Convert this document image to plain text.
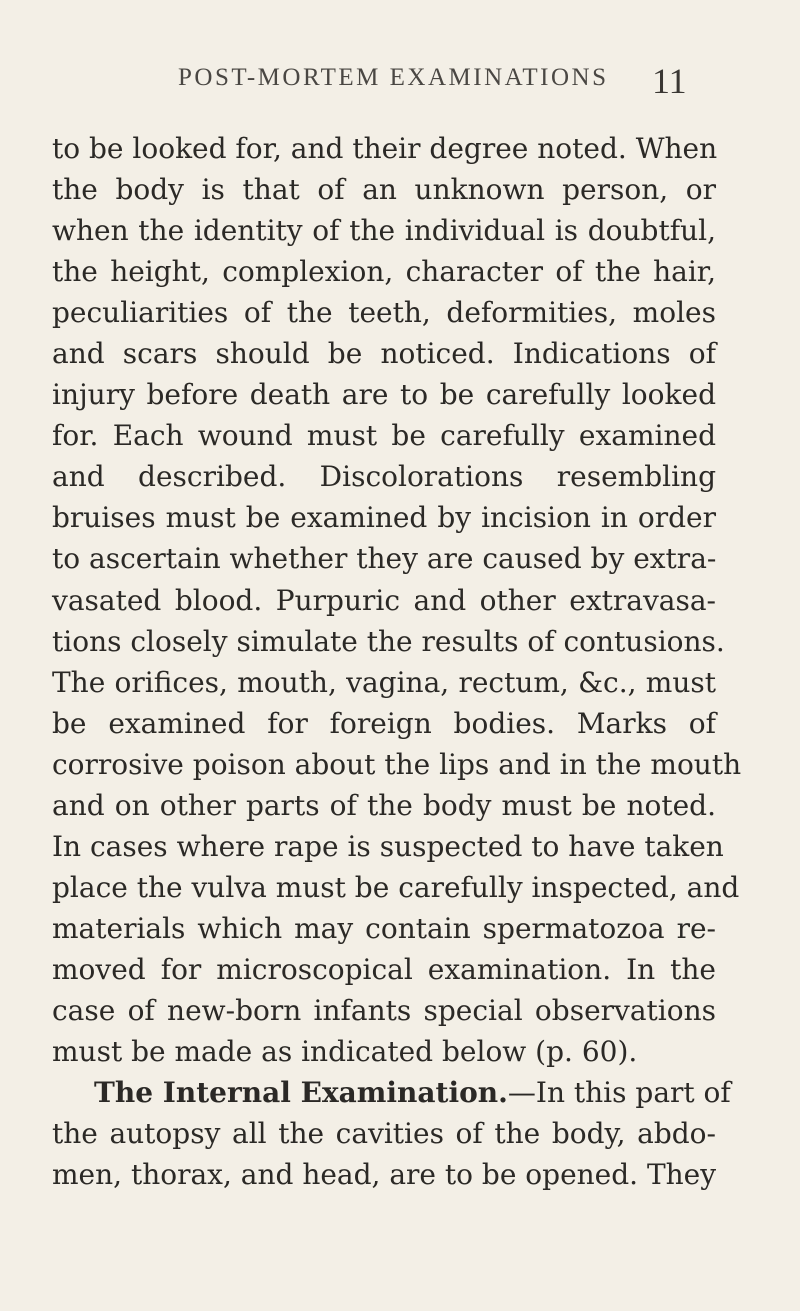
POST-MORTEM EXAMINATIONS 11
to be looked for, and their degree noted. When
the body is that of an unknown person, or
when the identity of the individual is doubtful,
the height, complexion, character of the hair,
peculiarities of the teeth, deformities, moles
and scars should be noticed. Indications of
injury before death are to be carefully looked
for. Each wound must be carefully examined
and described. Discolorations resembling
bruises must be examined by incision in order
to ascertain whether they are caused by extra-
vasated blood. Purpuric and other extravasa-
tions closely simulate the results of contusions.
The orifices, mouth, vagina, rectum, &c., must
be examined for foreign bodies. Marks of
corrosive poison about the lips and in the mouth
and on other parts of the body must be noted.
In cases where rape is suspected to have taken
place the vulva must be carefully inspected, and
materials which may contain spermatozoa re-
moved for microscopical examination. In the
case of new-born infants special observations
must be made as indicated below (p. 60).
The Internal Examination.—In this part of
the autopsy all the cavities of the body, abdo-
men, thorax, and head, are to be opened. They
